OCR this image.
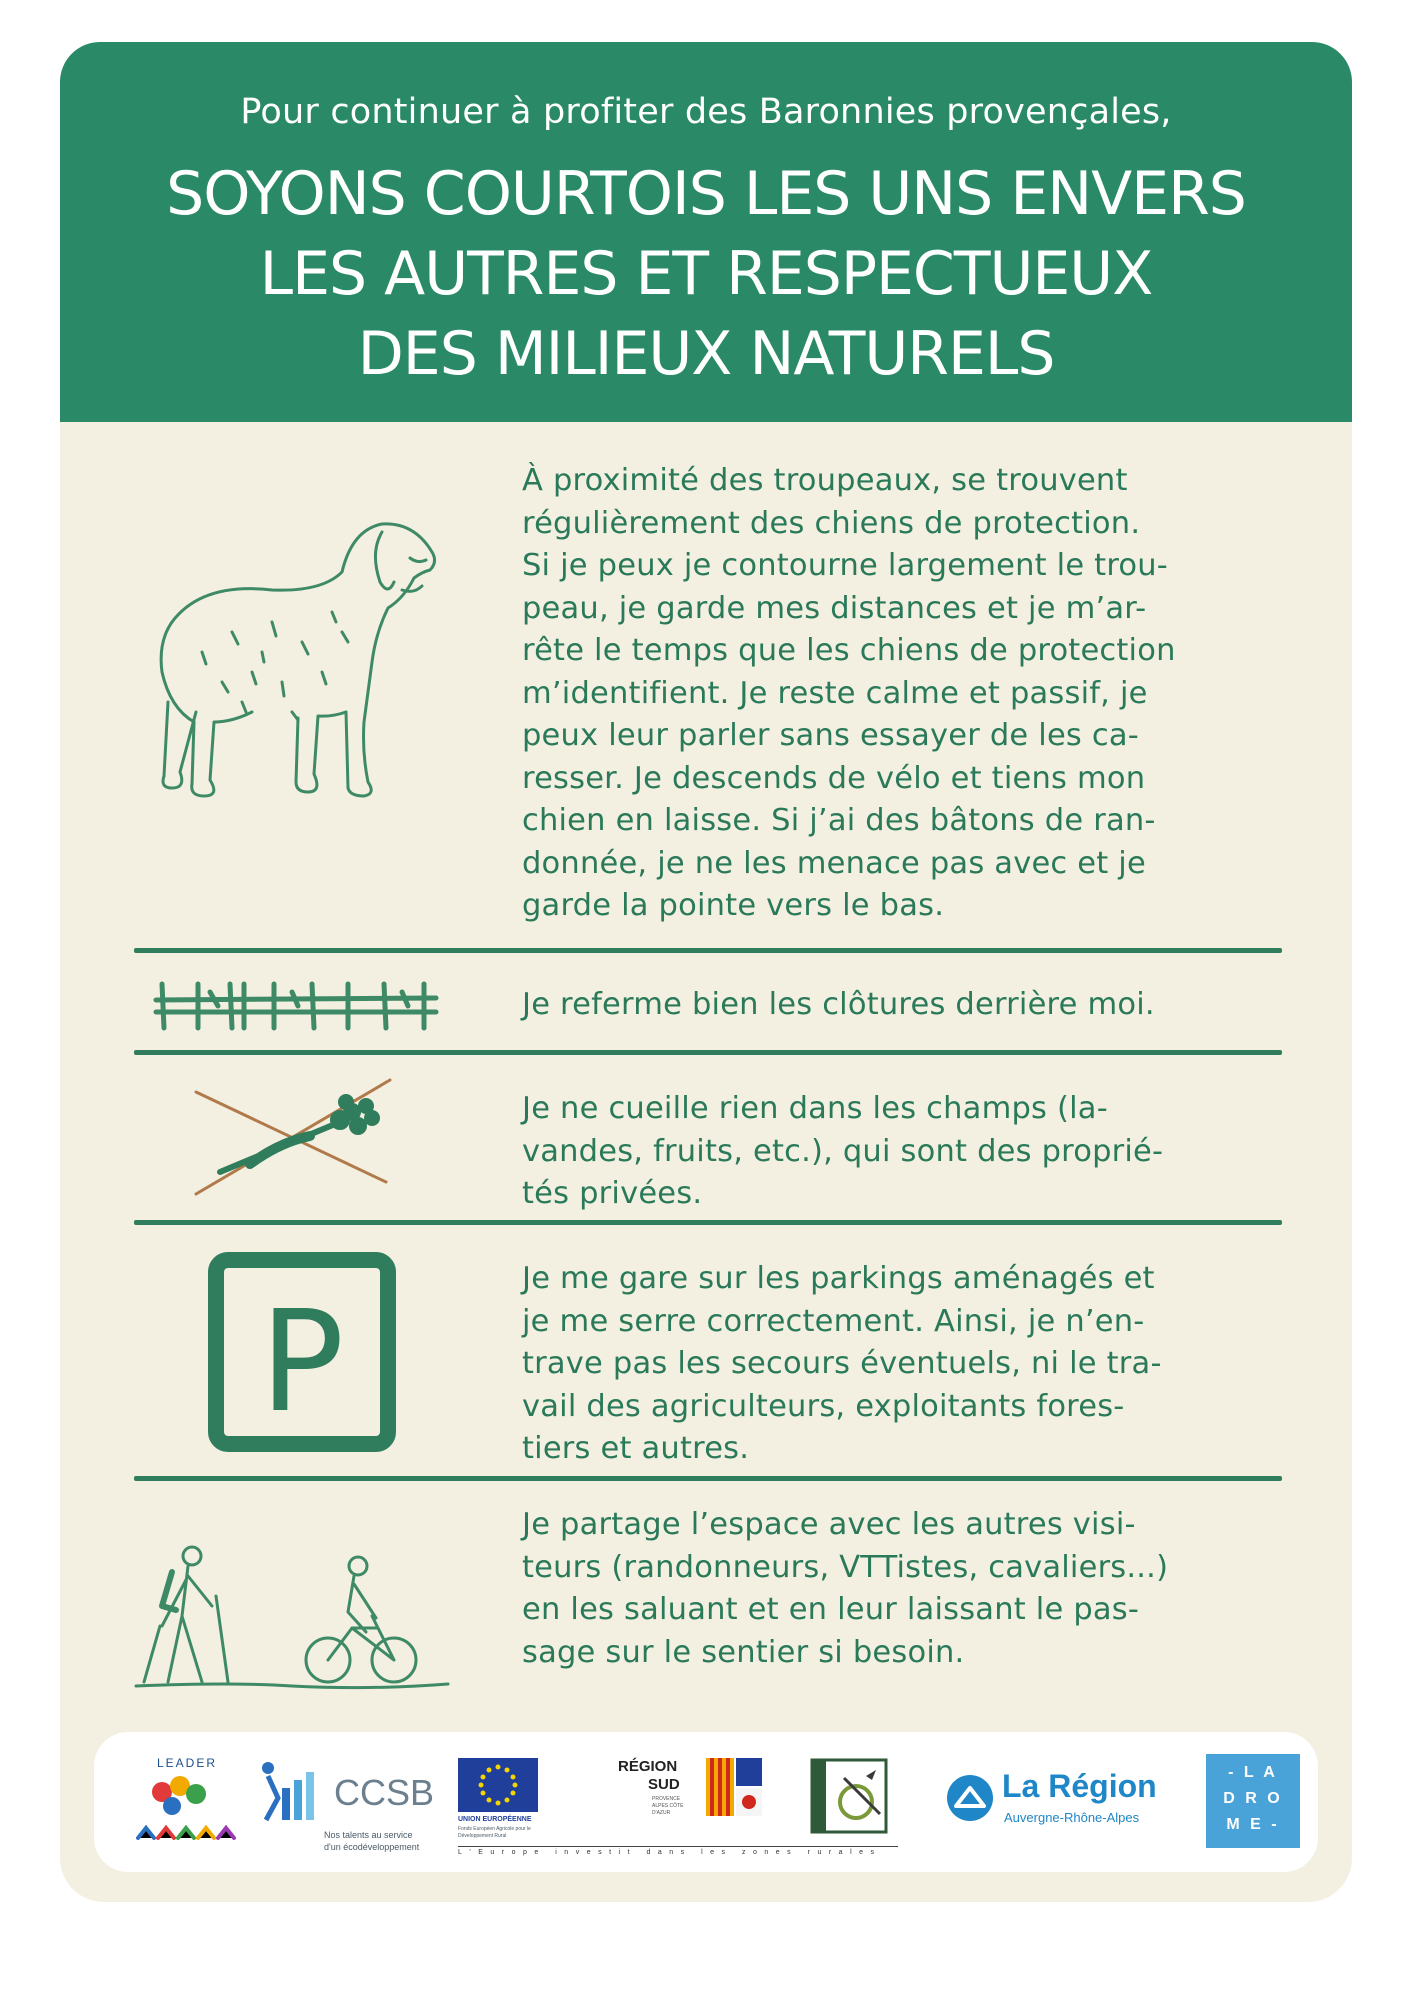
Pour continuer à profiter des Baronnies provençales,
SOYONS COURTOIS LES UNS ENVERS
LES AUTRES ET RESPECTUEUX
DES MILIEUX NATURELS
À proximité des troupeaux, se trouvent
régulièrement des chiens de protection.
Si je peux je contourne largement le trou-
peau, je garde mes distances et je m’ar-
rête le temps que les chiens de protection
m’identifient. Je reste calme et passif, je
peux leur parler sans essayer de les ca-
resser. Je descends de vélo et tiens mon
chien en laisse. Si j’ai des bâtons de ran-
donnée, je ne les menace pas avec et je
garde la pointe vers le bas.
Je referme bien les clôtures derrière moi.
Je ne cueille rien dans les champs (la-
vandes, fruits, etc.), qui sont des proprié-
tés privées.
P
Je me gare sur les parkings aménagés et
je me serre correctement. Ainsi, je n’en-
trave pas les secours éventuels, ni le tra-
vail des agriculteurs, exploitants fores-
tiers et autres.
Je partage l’espace avec les autres visi-
teurs (randonneurs, VTTistes, cavaliers...)
en les saluant et en leur laissant le pas-
sage sur le sentier si besoin.
LEADER
CCSB
Nos talents au service
d'un écodéveloppement
UNION EUROPÉENNE
Fonds Européen Agricole pour le Développement Rural
L'Europe investit dans les zones rurales
RÉGION
SUD
PROVENCE ALPES CÔTE D'AZUR
La Région
Auvergne-Rhône-Alpes
- L A
D R O
M E -
